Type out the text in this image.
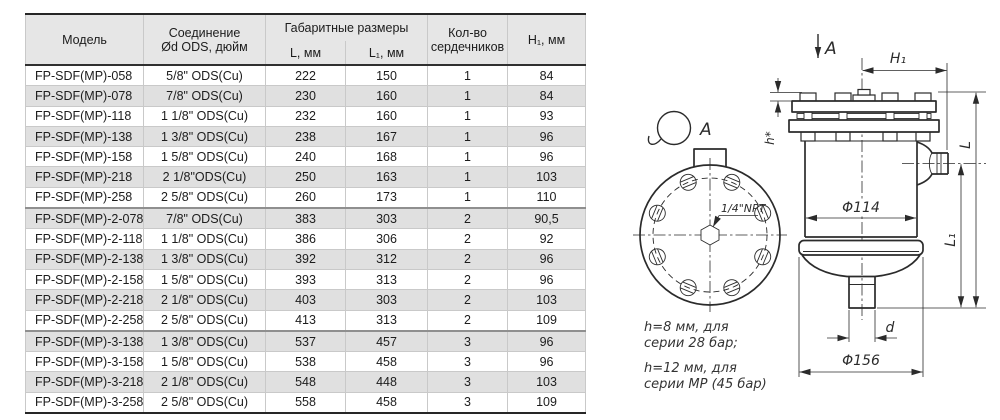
Модель	Соединение
Ød ODS, дюйм
	Габаритные размеры	Кол-во
сердечников	H₁, мм
		L, мм	L₁, мм		
FP-SDF(MP)-058	5/8" ODS(Cu)	222	150	1	84
FP-SDF(MP)-078	7/8" ODS(Cu)	230	160	1	84
FP-SDF(MP)-118	1 1/8" ODS(Cu)	232	160	1	93
FP-SDF(MP)-138	1 3/8" ODS(Cu)	238	167	1	96
FP-SDF(MP)-158	1 5/8" ODS(Cu)	240	168	1	96
FP-SDF(MP)-218	2 1/8"ODS(Cu)	250	163	1	103
FP-SDF(MP)-258	2 5/8" ODS(Cu)	260	173	1	110
FP-SDF(MP)-2-078	7/8" ODS(Cu)	383	303	2	90,5
FP-SDF(MP)-2-118	1 1/8" ODS(Cu)	386	306	2	92
FP-SDF(MP)-2-138	1 3/8" ODS(Cu)	392	312	2	96
FP-SDF(MP)-2-158	1 5/8" ODS(Cu)	393	313	2	96
FP-SDF(MP)-2-218	2 1/8" ODS(Cu)	403	303	2	103
FP-SDF(MP)-2-258	2 5/8" ODS(Cu)	413	313	2	109
FP-SDF(MP)-3-138	1 3/8" ODS(Cu)	537	457	3	96
FP-SDF(MP)-3-158	1 5/8" ODS(Cu)	538	458	3	96
FP-SDF(MP)-3-218	2 1/8" ODS(Cu)	548	448	3	103
FP-SDF(MP)-3-258	2 5/8" ODS(Cu)	558	458	3	109
A
h*
H₁
L
L₁
Φ114
d
Φ156
1/4"NPT
A
h=8 мм, для
серии 28 бар;
h=12 мм, для
серии МР (45 бар)
